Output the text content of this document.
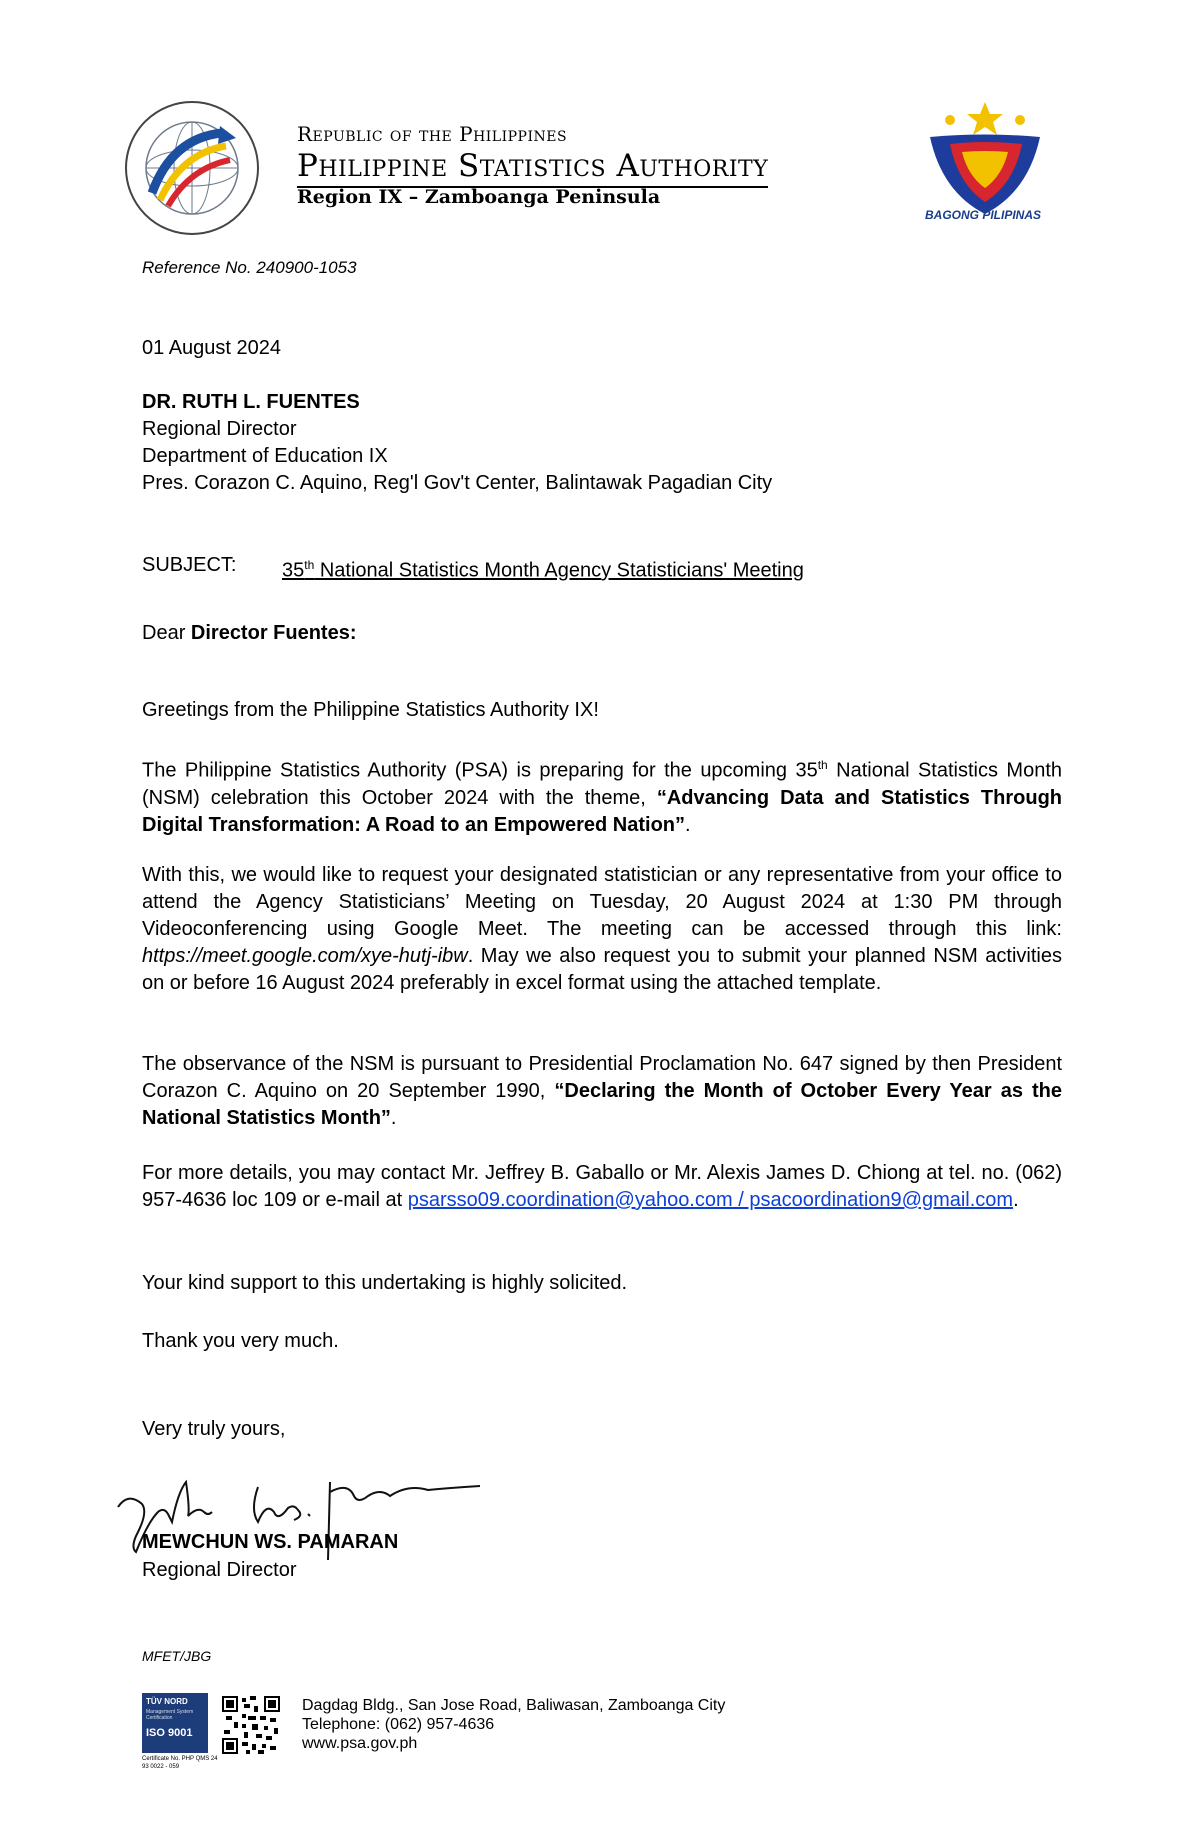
Republic of the Philippines
Philippine Statistics Authority
Region IX – Zamboanga Peninsula
BAGONG PILIPINAS
Reference No. 240900-1053
01 August 2024
DR. RUTH L. FUENTES
Regional Director
Department of Education IX
Pres. Corazon C. Aquino, Reg'l Gov't Center, Balintawak Pagadian City
SUBJECT: 35th National Statistics Month Agency Statisticians' Meeting
Dear Director Fuentes:
Greetings from the Philippine Statistics Authority IX!
The Philippine Statistics Authority (PSA) is preparing for the upcoming 35th National Statistics Month (NSM) celebration this October 2024 with the theme, “Advancing Data and Statistics Through Digital Transformation: A Road to an Empowered Nation”.
With this, we would like to request your designated statistician or any representative from your office to attend the Agency Statisticians’ Meeting on Tuesday, 20 August 2024 at 1:30 PM through Videoconferencing using Google Meet. The meeting can be accessed through this link: https://meet.google.com/xye-hutj-ibw. May we also request you to submit your planned NSM activities on or before 16 August 2024 preferably in excel format using the attached template.
The observance of the NSM is pursuant to Presidential Proclamation No. 647 signed by then President Corazon C. Aquino on 20 September 1990, “Declaring the Month of October Every Year as the National Statistics Month”.
For more details, you may contact Mr. Jeffrey B. Gaballo or Mr. Alexis James D. Chiong at tel. no. (062) 957-4636 loc 109 or e-mail at psarsso09.coordination@yahoo.com / psacoordination9@gmail.com.
Your kind support to this undertaking is highly solicited.
Thank you very much.
Very truly yours,
MEWCHUN WS. PAMARAN
Regional Director
MFET/JBG
TÜV NORD
Management System Certification
ISO 9001
Certificate No. PHP QMS 24 93 0022 - 059
Dagdag Bldg., San Jose Road, Baliwasan, Zamboanga City
Telephone: (062) 957-4636
www.psa.gov.ph
